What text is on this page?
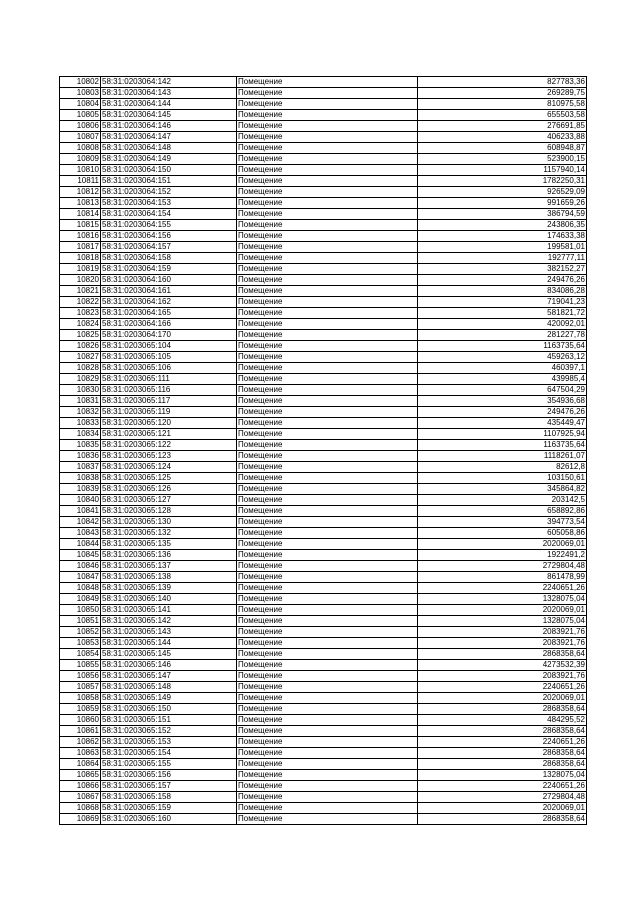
10802	58:31:0203064:142	Помещение	827783,36
10803	58:31:0203064:143	Помещение	269289,75
10804	58:31:0203064:144	Помещение	810975,58
10805	58:31:0203064:145	Помещение	655503,58
10806	58:31:0203064:146	Помещение	276691,85
10807	58:31:0203064:147	Помещение	406233,88
10808	58:31:0203064:148	Помещение	608948,87
10809	58:31:0203064:149	Помещение	523900,15
10810	58:31:0203064:150	Помещение	1157940,14
10811	58:31:0203064:151	Помещение	1782250,31
10812	58:31:0203064:152	Помещение	926529,09
10813	58:31:0203064:153	Помещение	991659,26
10814	58:31:0203064:154	Помещение	386794,59
10815	58:31:0203064:155	Помещение	243806,35
10816	58:31:0203064:156	Помещение	174633,38
10817	58:31:0203064:157	Помещение	199581,01
10818	58:31:0203064:158	Помещение	192777,11
10819	58:31:0203064:159	Помещение	382152,27
10820	58:31:0203064:160	Помещение	249476,26
10821	58:31:0203064:161	Помещение	834086,28
10822	58:31:0203064:162	Помещение	719041,23
10823	58:31:0203064:165	Помещение	581821,72
10824	58:31:0203064:166	Помещение	420092,01
10825	58:31:0203064:170	Помещение	281227,78
10826	58:31:0203065:104	Помещение	1163735,64
10827	58:31:0203065:105	Помещение	459263,12
10828	58:31:0203065:106	Помещение	460397,1
10829	58:31:0203065:111	Помещение	439985,4
10830	58:31:0203065:116	Помещение	647504,29
10831	58:31:0203065:117	Помещение	354936,68
10832	58:31:0203065:119	Помещение	249476,26
10833	58:31:0203065:120	Помещение	435449,47
10834	58:31:0203065:121	Помещение	1107925,94
10835	58:31:0203065:122	Помещение	1163735,64
10836	58:31:0203065:123	Помещение	1118261,07
10837	58:31:0203065:124	Помещение	82612,8
10838	58:31:0203065:125	Помещение	103150,61
10839	58:31:0203065:126	Помещение	345864,82
10840	58:31:0203065:127	Помещение	203142,5
10841	58:31:0203065:128	Помещение	658892,86
10842	58:31:0203065:130	Помещение	394773,54
10843	58:31:0203065:132	Помещение	605058,86
10844	58:31:0203065:135	Помещение	2020069,01
10845	58:31:0203065:136	Помещение	1922491,2
10846	58:31:0203065:137	Помещение	2729804,48
10847	58:31:0203065:138	Помещение	861478,99
10848	58:31:0203065:139	Помещение	2240651,26
10849	58:31:0203065:140	Помещение	1328075,04
10850	58:31:0203065:141	Помещение	2020069,01
10851	58:31:0203065:142	Помещение	1328075,04
10852	58:31:0203065:143	Помещение	2083921,76
10853	58:31:0203065:144	Помещение	2083921,76
10854	58:31:0203065:145	Помещение	2868358,64
10855	58:31:0203065:146	Помещение	4273532,39
10856	58:31:0203065:147	Помещение	2083921,76
10857	58:31:0203065:148	Помещение	2240651,26
10858	58:31:0203065:149	Помещение	2020069,01
10859	58:31:0203065:150	Помещение	2868358,64
10860	58:31:0203065:151	Помещение	484295,52
10861	58:31:0203065:152	Помещение	2868358,64
10862	58:31:0203065:153	Помещение	2240651,26
10863	58:31:0203065:154	Помещение	2868358,64
10864	58:31:0203065:155	Помещение	2868358,64
10865	58:31:0203065:156	Помещение	1328075,04
10866	58:31:0203065:157	Помещение	2240651,26
10867	58:31:0203065:158	Помещение	2729804,48
10868	58:31:0203065:159	Помещение	2020069,01
10869	58:31:0203065:160	Помещение	2868358,64
